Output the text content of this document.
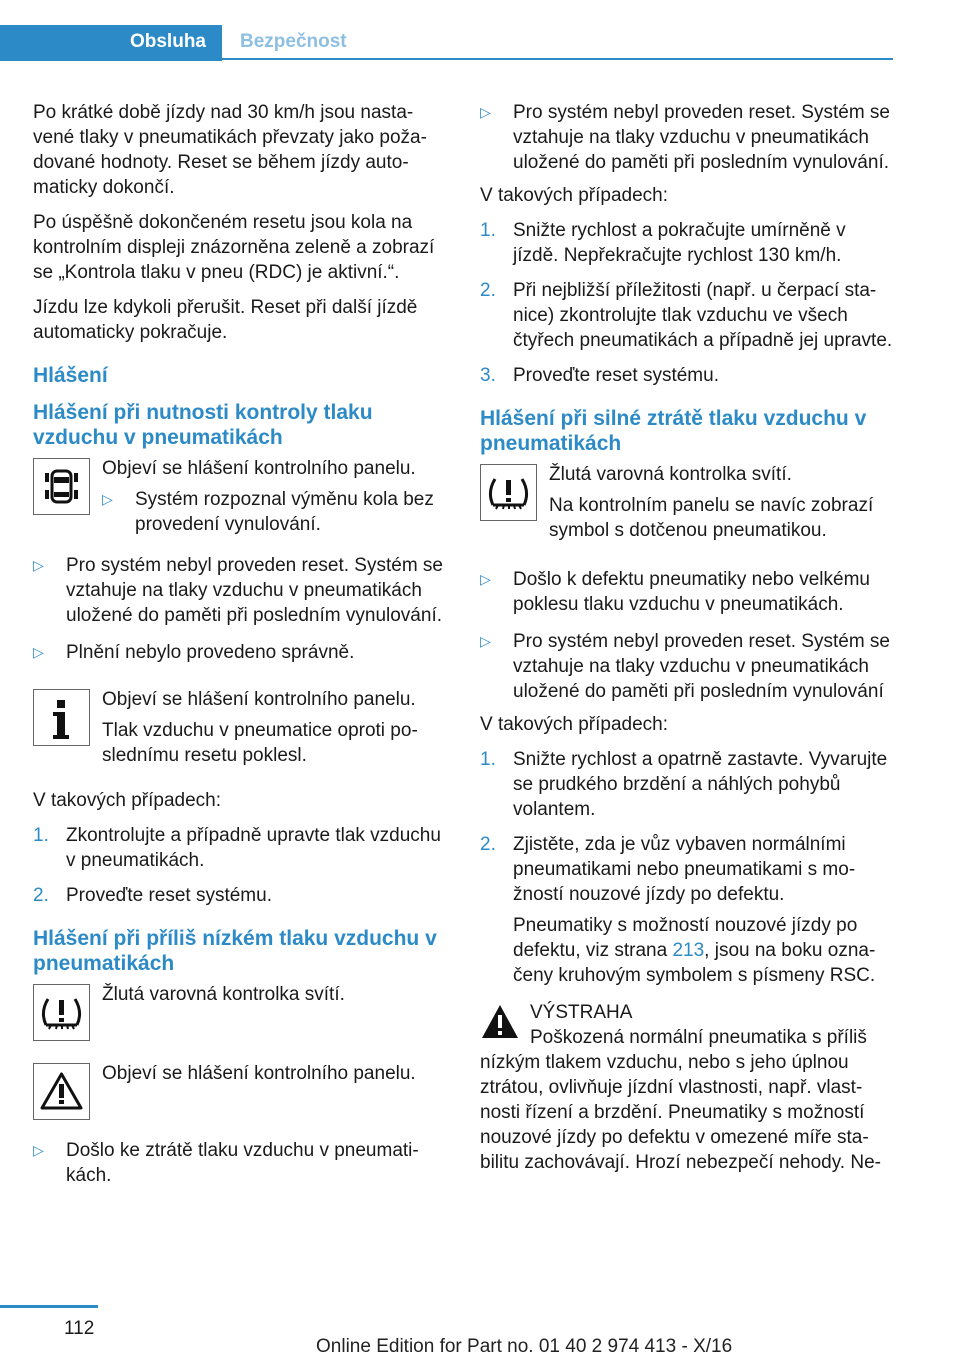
Obsluha Bezpečnost

Po krátké době jízdy nad 30 km/h jsou nastavené tlaky v pneumatikách převzaty jako požadované hodnoty. Reset se během jízdy automaticky dokončí.

Po úspěšně dokončeném resetu jsou kola na kontrolním displeji znázorněna zeleně a zobrazí se „Kontrola tlaku v pneu (RDC) je aktivní.“.

Jízdu lze kdykoli přerušit. Reset při další jízdě automaticky pokračuje.

Hlášení
Hlášení při nutnosti kontroly tlaku vzduchu v pneumatikách

Objeví se hlášení kontrolního panelu.

▷	Systém rozpoznal výměnu kola bez provedení vynulování.
▷	Pro systém nebyl proveden reset. Systém se vztahuje na tlaky vzduchu v pneumatikách uložené do paměti při posledním vynulování.
▷	Plnění nebylo provedeno správně.

Objeví se hlášení kontrolního panelu.

Tlak vzduchu v pneumatice oproti poslednímu resetu poklesl.

V takových případech:

1. Zkontrolujte a případně upravte tlak vzduchu v pneumatikách.
2. Proveďte reset systému.
Hlášení při příliš nízkém tlaku vzduchu v pneumatikách

Žlutá varovná kontrolka svítí.

Objeví se hlášení kontrolního panelu.

▷	Došlo ke ztrátě tlaku vzduchu v pneumatikách.
▷	Pro systém nebyl proveden reset. Systém se vztahuje na tlaky vzduchu v pneumatikách uložené do paměti při posledním vynulování.

V takových případech:

1. Snižte rychlost a pokračujte umírněně v jízdě. Nepřekračujte rychlost 130 km/h.
2. Při nejbližší příležitosti (např. u čerpací stanice) zkontrolujte tlak vzduchu ve všech čtyřech pneumatikách a případně jej upravte.
3. Proveďte reset systému.
Hlášení při silné ztrátě tlaku vzduchu v pneumatikách

Žlutá varovná kontrolka svítí.

Na kontrolním panelu se navíc zobrazí symbol s dotčenou pneumatikou.

▷	Došlo k defektu pneumatiky nebo velkému poklesu tlaku vzduchu v pneumatikách.
▷	Pro systém nebyl proveden reset. Systém se vztahuje na tlaky vzduchu v pneumatikách uložené do paměti při posledním vynulování

V takových případech:

1. Snižte rychlost a opatrně zastavte. Vyvarujte se prudkého brzdění a náhlých pohybů volantem.
2. Zjistěte, zda je vůz vybaven normálními pneumatikami nebo pneumatikami s možností nouzové jízdy po defektu.
Pneumatiky s možností nouzové jízdy po defektu, viz strana 213, jsou na boku označeny kruhovým symbolem s písmeny RSC.

VÝSTRAHA

Poškozená normální pneumatika s příliš

nízkým tlakem vzduchu, nebo s jeho úplnou ztrátou, ovlivňuje jízdní vlastnosti, např. vlastnosti řízení a brzdění. Pneumatiky s možností nouzové jízdy po defektu v omezené míře stabilitu zachovávají. Hrozí nebezpečí nehody. Ne-

112
Online Edition for Part no. 01 40 2 974 413 - X/16
